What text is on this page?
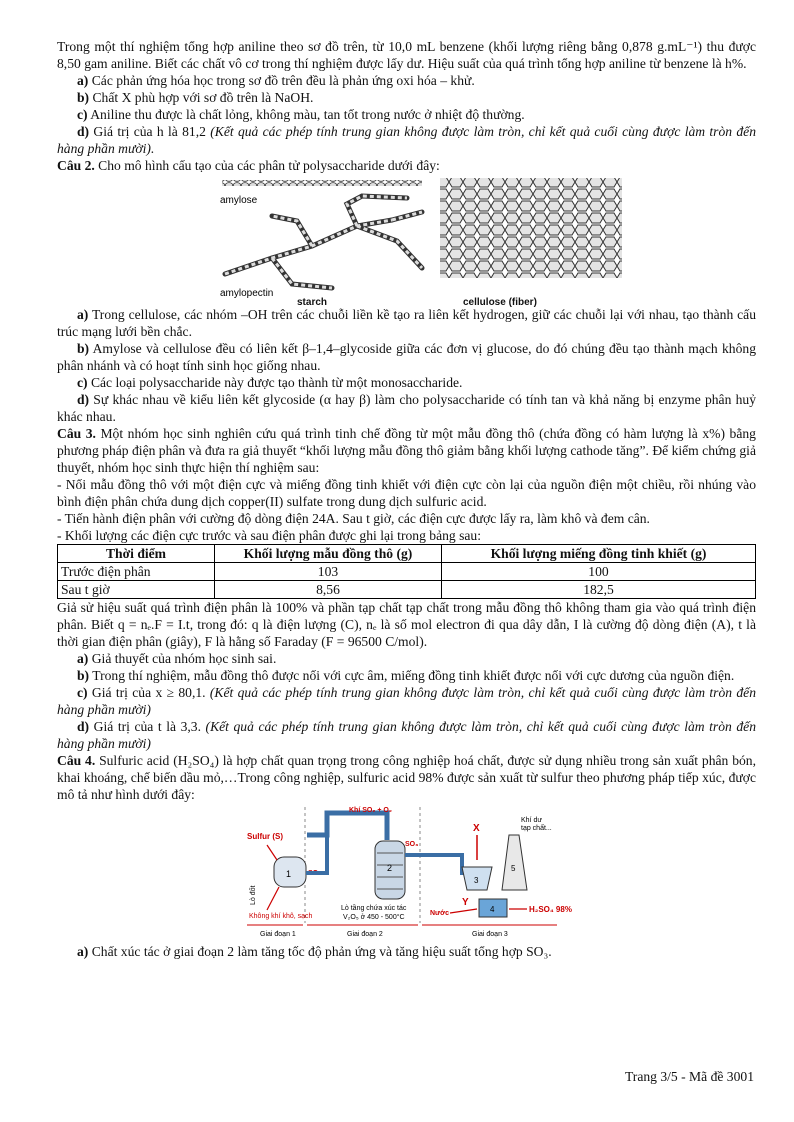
Trong một thí nghiệm tổng hợp aniline theo sơ đồ trên, từ 10,0 mL benzene (khối lượng riêng bằng 0,878 g.mL⁻¹) thu được 8,50 gam aniline. Biết các chất vô cơ trong thí nghiệm được lấy dư. Hiệu suất của quá trình tổng hợp aniline từ benzene là h%.

a) Các phản ứng hóa học trong sơ đồ trên đều là phản ứng oxi hóa – khử.

b) Chất X phù hợp với sơ đồ trên là NaOH.

c) Aniline thu được là chất lỏng, không màu, tan tốt trong nước ở nhiệt độ thường.

d) Giá trị của h là 81,2 (Kết quả các phép tính trung gian không được làm tròn, chỉ kết quả cuối cùng được làm tròn đến hàng phần mười).

Câu 2. Cho mô hình cấu tạo của các phân tử polysaccharide dưới đây:

amylose
amylopectin
starch	cellulose (fiber)

a) Trong cellulose, các nhóm –OH trên các chuỗi liền kề tạo ra liên kết hydrogen, giữ các chuỗi lại với nhau, tạo thành cấu trúc mạng lưới bền chắc.

b) Amylose và cellulose đều có liên kết β–1,4–glycoside giữa các đơn vị glucose, do đó chúng đều tạo thành mạch không phân nhánh và có hoạt tính sinh học giống nhau.

c) Các loại polysaccharide này được tạo thành từ một monosaccharide.

d) Sự khác nhau về kiểu liên kết glycoside (α hay β) làm cho polysaccharide có tính tan và khả năng bị enzyme phân huỷ khác nhau.

Câu 3. Một nhóm học sinh nghiên cứu quá trình tinh chế đồng từ một mẫu đồng thô (chứa đồng có hàm lượng là x%) bằng phương pháp điện phân và đưa ra giả thuyết “khối lượng mẫu đồng thô giảm bằng khối lượng cathode tăng”. Để kiểm chứng giả thuyết, nhóm học sinh thực hiện thí nghiệm sau:

- Nối mẫu đồng thô với một điện cực và miếng đồng tinh khiết với điện cực còn lại của nguồn điện một chiều, rồi nhúng vào bình điện phân chứa dung dịch copper(II) sulfate trong dung dịch sulfuric acid.

- Tiến hành điện phân với cường độ dòng điện 24A. Sau t giờ, các điện cực được lấy ra, làm khô và đem cân.

- Khối lượng các điện cực trước và sau điện phân được ghi lại trong bảng sau:

Thời điểm	Khối lượng mẫu đồng thô (g)	Khối lượng miếng đồng tinh khiết (g)
Trước điện phân	103	100
Sau t giờ	8,56	182,5

Giả sử hiệu suất quá trình điện phân là 100% và phần tạp chất tạp chất trong mẫu đồng thô không tham gia vào quá trình điện phân. Biết q = nₑ.F = I.t, trong đó: q là điện lượng (C), nₑ là số mol electron đi qua dây dẫn, I là cường độ dòng điện (A), t là thời gian điện phân (giây), F là hằng số Faraday (F = 96500 C/mol).

a) Giả thuyết của nhóm học sinh sai.

b) Trong thí nghiệm, mẫu đồng thô được nối với cực âm, miếng đồng tinh khiết được nối với cực dương của nguồn điện.

c) Giá trị của x ≥ 80,1. (Kết quả các phép tính trung gian không được làm tròn, chỉ kết quả cuối cùng được làm tròn đến hàng phần mười)

d) Giá trị của t là 3,3. (Kết quả các phép tính trung gian không được làm tròn, chỉ kết quả cuối cùng được làm tròn đến hàng phần mười)

Câu 4. Sulfuric acid (H₂SO₄) là hợp chất quan trọng trong công nghiệp hoá chất, được sử dụng nhiều trong sản xuất phân bón, khai khoáng, chế biến dầu mỏ,…Trong công nghiệp, sulfuric acid 98% được sản xuất từ sulfur theo phương pháp tiếp xúc, được mô tả như hình dưới đây:

Khí SO₂ + O₂
Sulfur (S)
1
Lò đốt
SO₂
Không khí khô, sạch
2
SO₃
Lò tầng chứa xúc tác
V₂O₅ ở 450 - 500°C
X
3
Y
4
Nước	H₂SO₄ 98%
5
Khí dư
tạp chất...
Giai đoạn 1	Giai đoạn 2	Giai đoạn 3

a) Chất xúc tác ở giai đoạn 2 làm tăng tốc độ phản ứng và tăng hiệu suất tổng hợp SO₃.

Trang 3/5 - Mã đề 3001
